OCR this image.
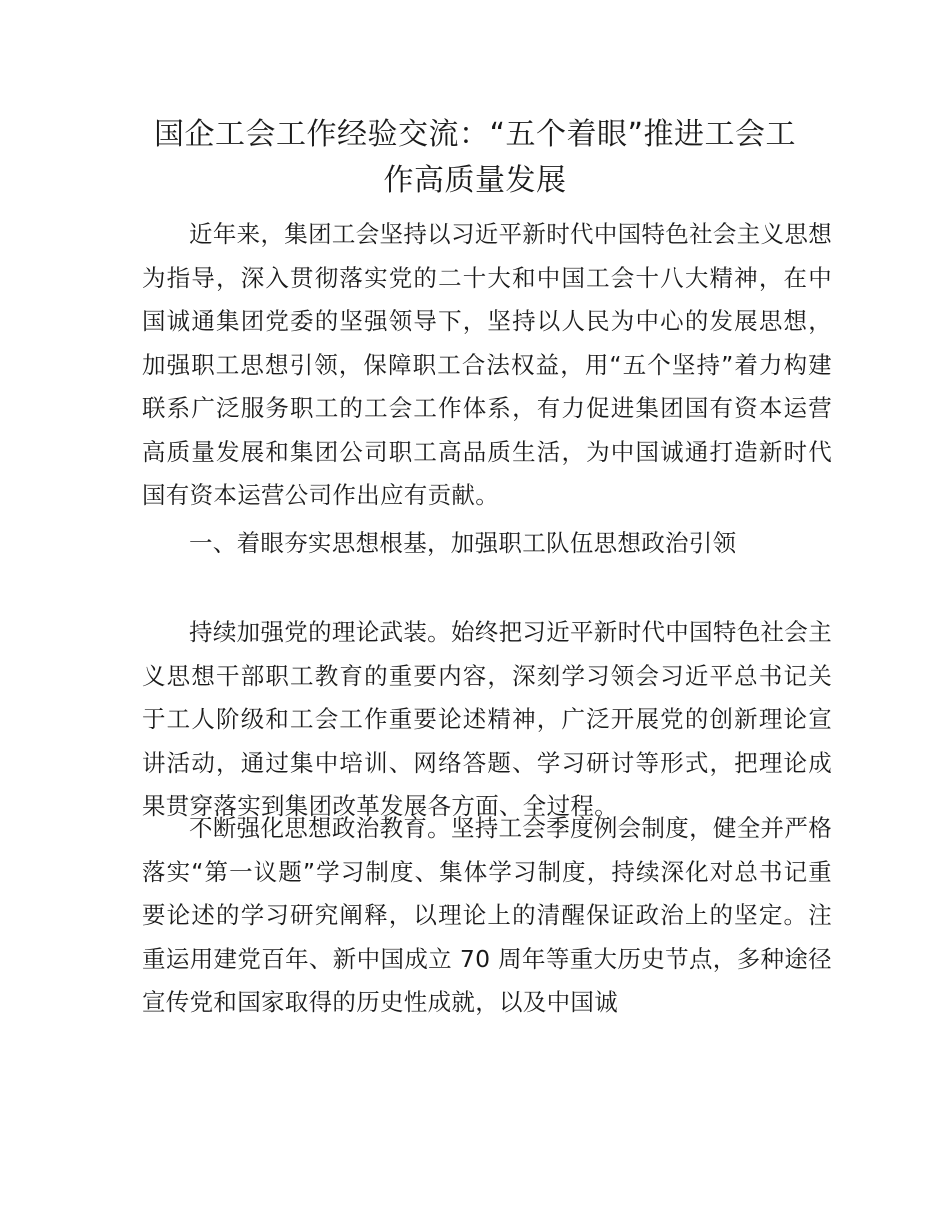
国企工会工作经验交流：“五个着眼”推进工会工作高质量发展

近年来，集团工会坚持以习近平新时代中国特色社会主义思想为指导，深入贯彻落实党的二十大和中国工会十八大精神，在中国诚通集团党委的坚强领导下，坚持以人民为中心的发展思想，加强职工思想引领，保障职工合法权益，用“五个坚持”着力构建联系广泛服务职工的工会工作体系，有力促进集团国有资本运营高质量发展和集团公司职工高品质生活，为中国诚通打造新时代国有资本运营公司作出应有贡献。

一、着眼夯实思想根基，加强职工队伍思想政治引领

持续加强党的理论武装。始终把习近平新时代中国特色社会主义思想干部职工教育的重要内容，深刻学习领会习近平总书记关于工人阶级和工会工作重要论述精神，广泛开展党的创新理论宣讲活动，通过集中培训、网络答题、学习研讨等形式，把理论成果贯穿落实到集团改革发展各方面、全过程。

不断强化思想政治教育。坚持工会季度例会制度，健全并严格落实“第一议题”学习制度、集体学习制度，持续深化对总书记重要论述的学习研究阐释，以理论上的清醒保证政治上的坚定。注重运用建党百年、新中国成立 70 周年等重大历史节点，多种途径宣传党和国家取得的历史性成就，以及中国诚
